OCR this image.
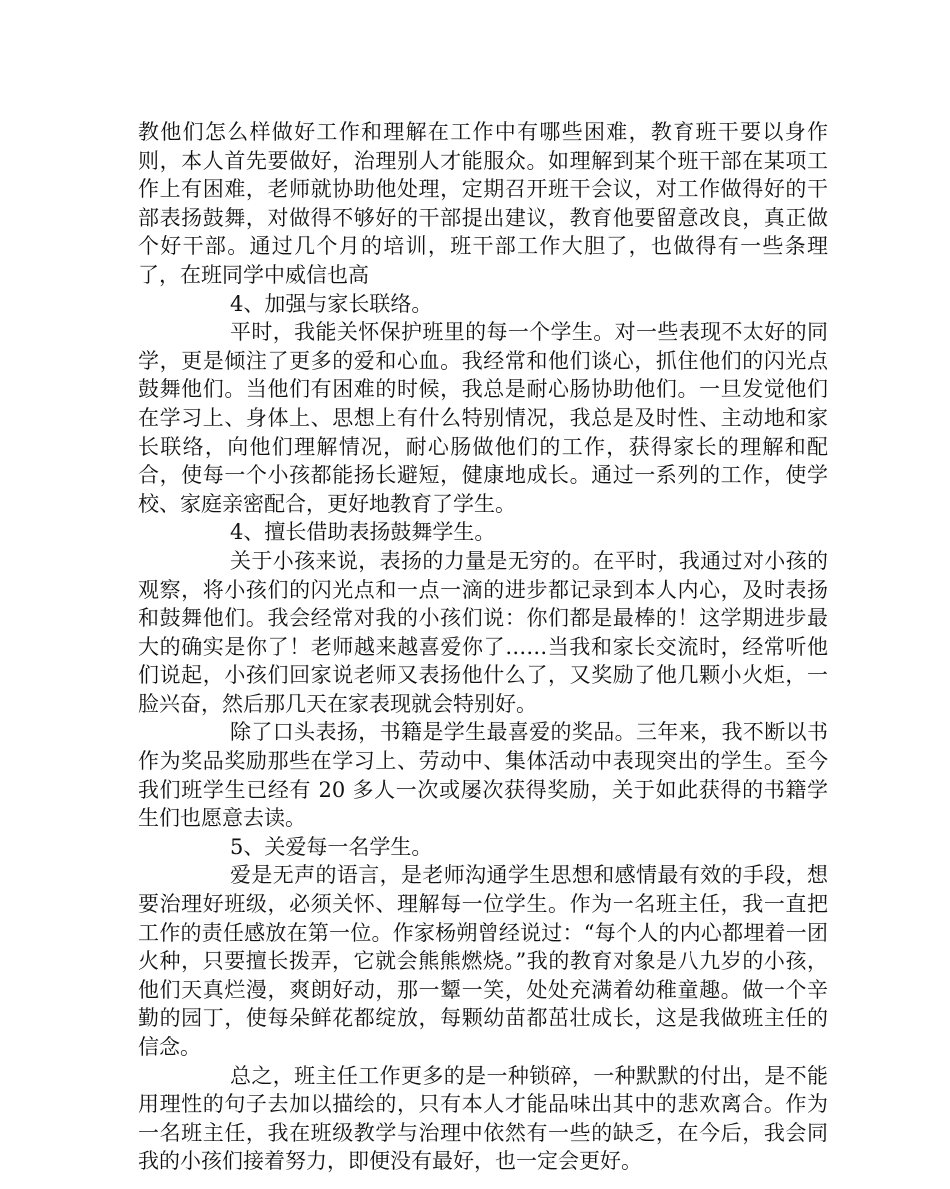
教他们怎么样做好工作和理解在工作中有哪些困难，教育班干要以身作则，本人首先要做好，治理别人才能服众。如理解到某个班干部在某项工作上有困难，老师就协助他处理，定期召开班干会议，对工作做得好的干部表扬鼓舞，对做得不够好的干部提出建议，教育他要留意改良，真正做个好干部。通过几个月的培训，班干部工作大胆了，也做得有一些条理了，在班同学中威信也高

4、加强与家长联络。

平时，我能关怀保护班里的每一个学生。对一些表现不太好的同学，更是倾注了更多的爱和心血。我经常和他们谈心，抓住他们的闪光点鼓舞他们。当他们有困难的时候，我总是耐心肠协助他们。一旦发觉他们在学习上、身体上、思想上有什么特别情况，我总是及时性、主动地和家长联络，向他们理解情况，耐心肠做他们的工作，获得家长的理解和配合，使每一个小孩都能扬长避短，健康地成长。通过一系列的工作，使学校、家庭亲密配合，更好地教育了学生。

4、擅长借助表扬鼓舞学生。

关于小孩来说，表扬的力量是无穷的。在平时，我通过对小孩的观察，将小孩们的闪光点和一点一滴的进步都记录到本人内心，及时表扬和鼓舞他们。我会经常对我的小孩们说：你们都是最棒的！这学期进步最大的确实是你了！老师越来越喜爱你了……当我和家长交流时，经常听他们说起，小孩们回家说老师又表扬他什么了，又奖励了他几颗小火炬，一脸兴奋，然后那几天在家表现就会特别好。

除了口头表扬，书籍是学生最喜爱的奖品。三年来，我不断以书作为奖品奖励那些在学习上、劳动中、集体活动中表现突出的学生。至今我们班学生已经有 20 多人一次或屡次获得奖励，关于如此获得的书籍学生们也愿意去读。

5、关爱每一名学生。

爱是无声的语言，是老师沟通学生思想和感情最有效的手段，想要治理好班级，必须关怀、理解每一位学生。作为一名班主任，我一直把工作的责任感放在第一位。作家杨朔曾经说过：“每个人的内心都埋着一团火种，只要擅长拨弄，它就会熊熊燃烧。”我的教育对象是八九岁的小孩，他们天真烂漫，爽朗好动，那一颦一笑，处处充满着幼稚童趣。做一个辛勤的园丁，使每朵鲜花都绽放，每颗幼苗都茁壮成长，这是我做班主任的信念。

总之，班主任工作更多的是一种锁碎，一种默默的付出，是不能用理性的句子去加以描绘的，只有本人才能品味出其中的悲欢离合。作为一名班主任，我在班级教学与治理中依然有一些的缺乏，在今后，我会同我的小孩们接着努力，即便没有最好，也一定会更好。
